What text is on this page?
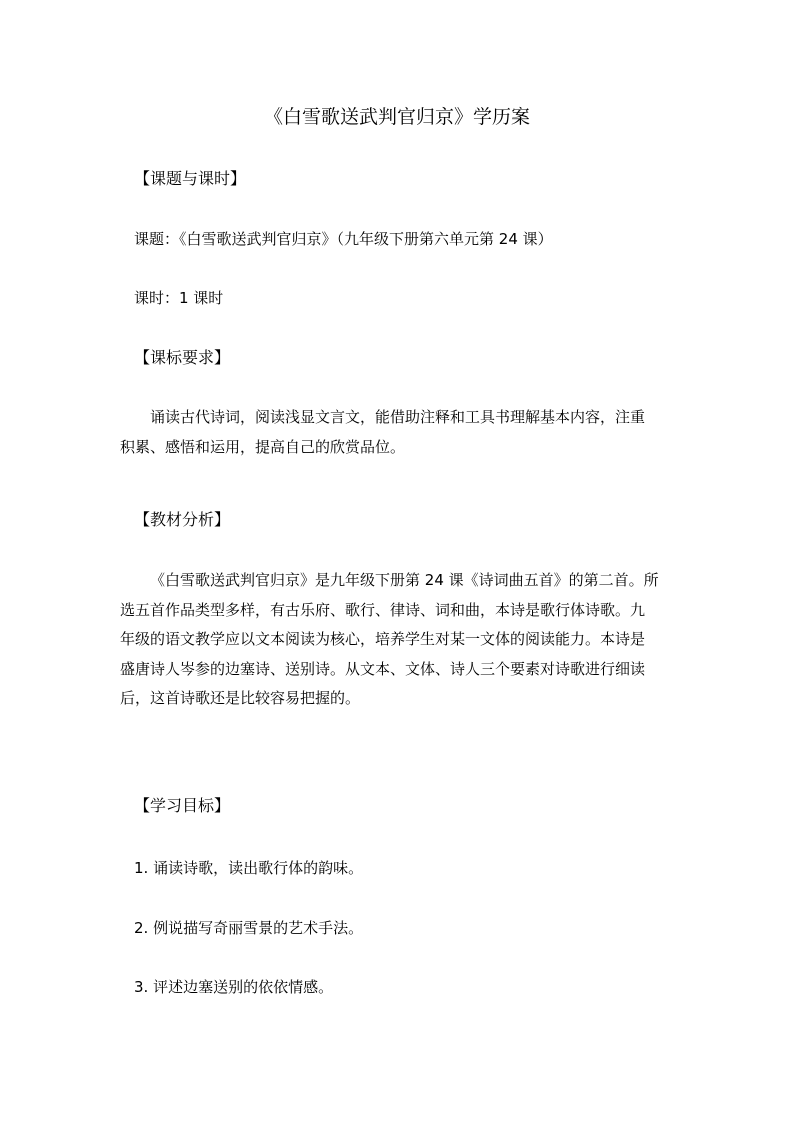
《白雪歌送武判官归京》学历案
【课题与课时】
课题：《白雪歌送武判官归京》（九年级下册第六单元第 24 课）
课时：1 课时
【课标要求】
诵读古代诗词，阅读浅显文言文，能借助注释和工具书理解基本内容，注重
积累、感悟和运用，提高自己的欣赏品位。
【教材分析】
《白雪歌送武判官归京》是九年级下册第 24 课《诗词曲五首》的第二首。所
选五首作品类型多样，有古乐府、歌行、律诗、词和曲，本诗是歌行体诗歌。九
年级的语文教学应以文本阅读为核心，培养学生对某一文体的阅读能力。本诗是
盛唐诗人岑参的边塞诗、送别诗。从文本、文体、诗人三个要素对诗歌进行细读
后，这首诗歌还是比较容易把握的。
【学习目标】
1. 诵读诗歌，读出歌行体的韵味。
2. 例说描写奇丽雪景的艺术手法。
3. 评述边塞送别的依依情感。
